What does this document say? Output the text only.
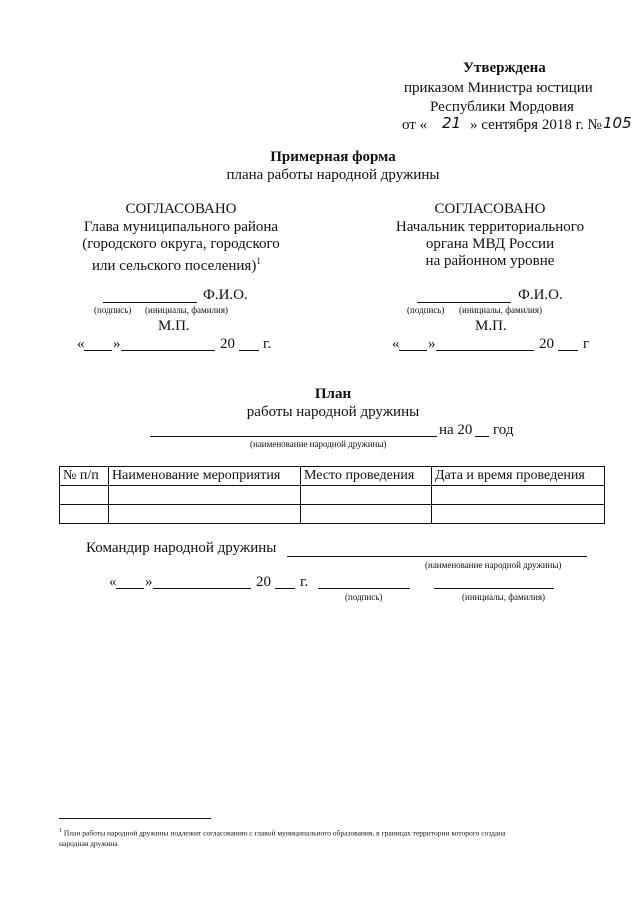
Утверждена
приказом Министра юстиции
Республики Мордовия
от « 21 » сентября 2018 г. № 105
Примерная форма
плана работы народной дружины
СОГЛАСОВАНО
Глава муниципального района
(городского округа, городского
или сельского поселения)$^1$
Ф.И.О.
(подпись) (инициалы, фамилия)
М.П.
« »	20 г.
СОГЛАСОВАНО
Начальник территориального
органа МВД России
на районном уровне
Ф.И.О.
(подпись) (инициалы, фамилия)
М.П.
« »	20 г
План
работы народной дружины
на 20 год
(наименование народной дружины)
№ п/п	Наименование мероприятия	Место проведения	Дата и время проведения

Командир народной дружины
(наименование народной дружины)
« »	20 г.
(подпись)	(инициалы, фамилия)
$^1$ План работы народной дружины подлежит согласованию с главой муниципального образования, в границах территории которого создана
народная дружина
